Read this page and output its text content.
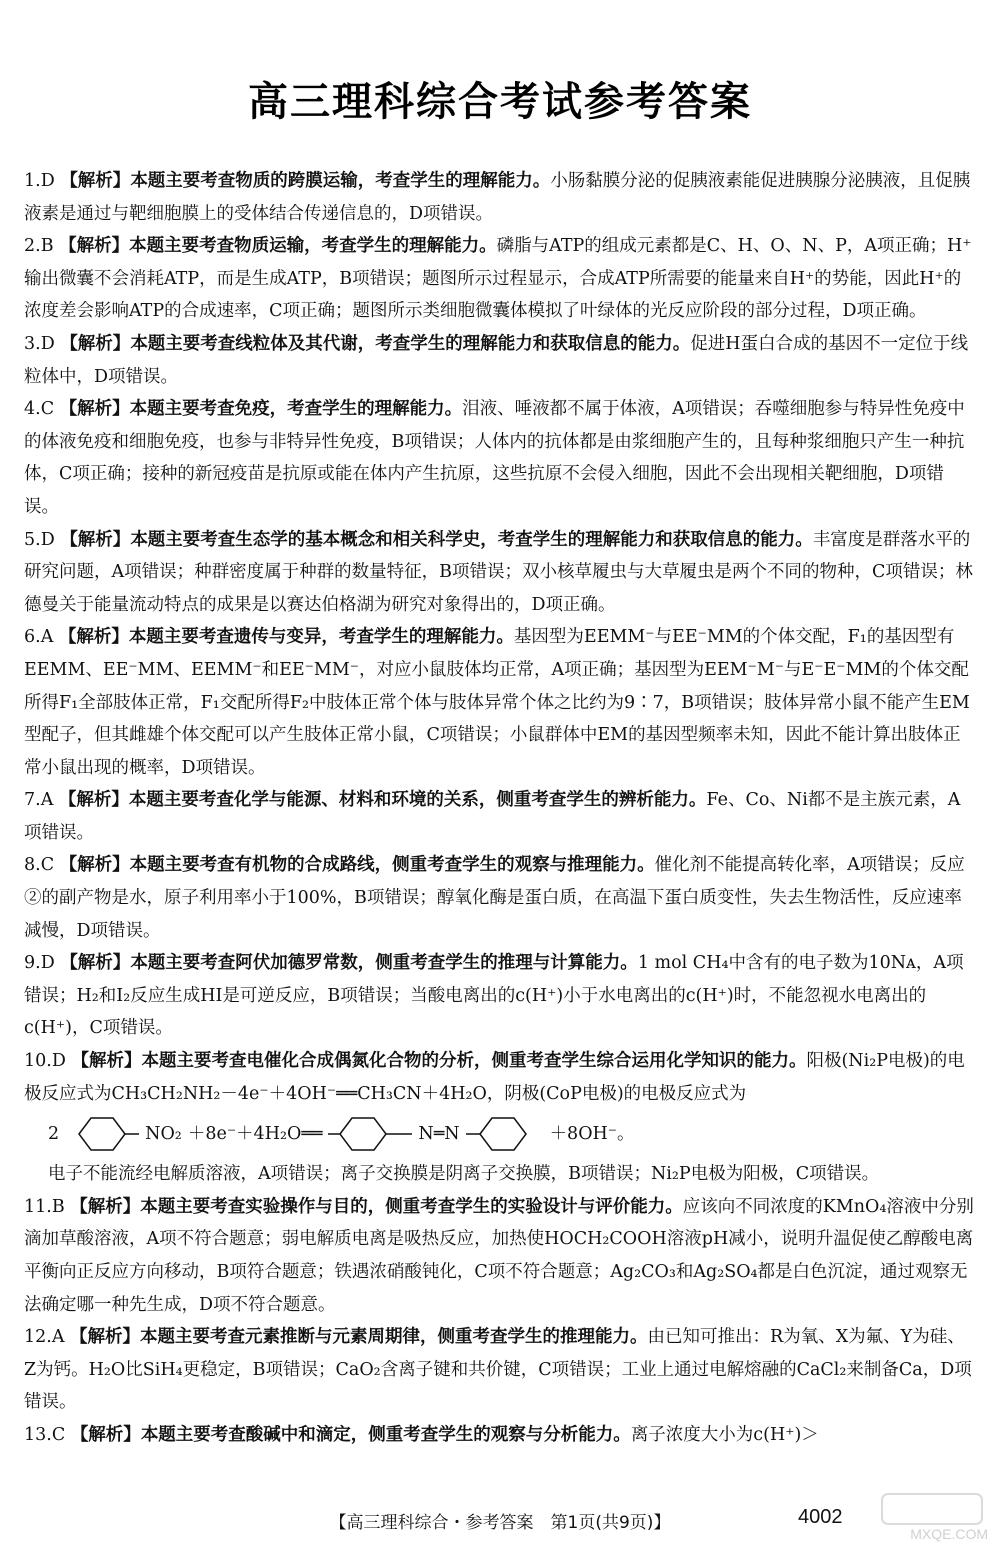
高三理科综合考试参考答案
1.D 【解析】本题主要考查物质的跨膜运输，考查学生的理解能力。小肠黏膜分泌的促胰液素能促进胰腺分泌胰液，且促胰液素是通过与靶细胞膜上的受体结合传递信息的，D项错误。
2.B 【解析】本题主要考查物质运输，考查学生的理解能力。磷脂与ATP的组成元素都是C、H、O、N、P，A项正确；H⁺输出微囊不会消耗ATP，而是生成ATP，B项错误；题图所示过程显示，合成ATP所需要的能量来自H⁺的势能，因此H⁺的浓度差会影响ATP的合成速率，C项正确；题图所示类细胞微囊体模拟了叶绿体的光反应阶段的部分过程，D项正确。
3.D 【解析】本题主要考查线粒体及其代谢，考查学生的理解能力和获取信息的能力。促进H蛋白合成的基因不一定位于线粒体中，D项错误。
4.C 【解析】本题主要考查免疫，考查学生的理解能力。泪液、唾液都不属于体液，A项错误；吞噬细胞参与特异性免疫中的体液免疫和细胞免疫，也参与非特异性免疫，B项错误；人体内的抗体都是由浆细胞产生的，且每种浆细胞只产生一种抗体，C项正确；接种的新冠疫苗是抗原或能在体内产生抗原，这些抗原不会侵入细胞，因此不会出现相关靶细胞，D项错误。
5.D 【解析】本题主要考查生态学的基本概念和相关科学史，考查学生的理解能力和获取信息的能力。丰富度是群落水平的研究问题，A项错误；种群密度属于种群的数量特征，B项错误；双小核草履虫与大草履虫是两个不同的物种，C项错误；林德曼关于能量流动特点的成果是以赛达伯格湖为研究对象得出的，D项正确。
6.A 【解析】本题主要考查遗传与变异，考查学生的理解能力。基因型为EEMM⁻与EE⁻MM的个体交配，F₁的基因型有EEMM、EE⁻MM、EEMM⁻和EE⁻MM⁻，对应小鼠肢体均正常，A项正确；基因型为EEM⁻M⁻与E⁻E⁻MM的个体交配所得F₁全部肢体正常，F₁交配所得F₂中肢体正常个体与肢体异常个体之比约为9∶7，B项错误；肢体异常小鼠不能产生EM型配子，但其雌雄个体交配可以产生肢体正常小鼠，C项错误；小鼠群体中EM的基因型频率未知，因此不能计算出肢体正常小鼠出现的概率，D项错误。
7.A 【解析】本题主要考查化学与能源、材料和环境的关系，侧重考查学生的辨析能力。Fe、Co、Ni都不是主族元素，A项错误。
8.C 【解析】本题主要考查有机物的合成路线，侧重考查学生的观察与推理能力。催化剂不能提高转化率，A项错误；反应②的副产物是水，原子利用率小于100%，B项错误；醇氧化酶是蛋白质，在高温下蛋白质变性，失去生物活性，反应速率减慢，D项错误。
9.D 【解析】本题主要考查阿伏加德罗常数，侧重考查学生的推理与计算能力。1 mol CH₄中含有的电子数为10Nᴀ，A项错误；H₂和I₂反应生成HI是可逆反应，B项错误；当酸电离出的c(H⁺)小于水电离出的c(H⁺)时，不能忽视水电离出的c(H⁺)，C项错误。
10.D 【解析】本题主要考查电催化合成偶氮化合物的分析，侧重考查学生综合运用化学知识的能力。阳极(Ni₂P电极)的电极反应式为CH₃CH₂NH₂－4e⁻＋4OH⁻══CH₃CN＋4H₂O，阴极(CoP电极)的电极反应式为
2	NO₂ ＋8e⁻＋4H₂O══	N═N	＋8OH⁻。
电子不能流经电解质溶液，A项错误；离子交换膜是阴离子交换膜，B项错误；Ni₂P电极为阳极，C项错误。
11.B 【解析】本题主要考查实验操作与目的，侧重考查学生的实验设计与评价能力。应该向不同浓度的KMnO₄溶液中分别滴加草酸溶液，A项不符合题意；弱电解质电离是吸热反应，加热使HOCH₂COOH溶液pH减小，说明升温促使乙醇酸电离平衡向正反应方向移动，B项符合题意；铁遇浓硝酸钝化，C项不符合题意；Ag₂CO₃和Ag₂SO₄都是白色沉淀，通过观察无法确定哪一种先生成，D项不符合题意。
12.A 【解析】本题主要考查元素推断与元素周期律，侧重考查学生的推理能力。由已知可推出：R为氧、X为氟、Y为硅、Z为钙。H₂O比SiH₄更稳定，B项错误；CaO₂含离子键和共价键，C项错误；工业上通过电解熔融的CaCl₂来制备Ca，D项错误。
13.C 【解析】本题主要考查酸碱中和滴定，侧重考查学生的观察与分析能力。离子浓度大小为c(H⁺)＞
【高三理科综合・参考答案　第1页(共9页)】	4002
MXQE.COM
